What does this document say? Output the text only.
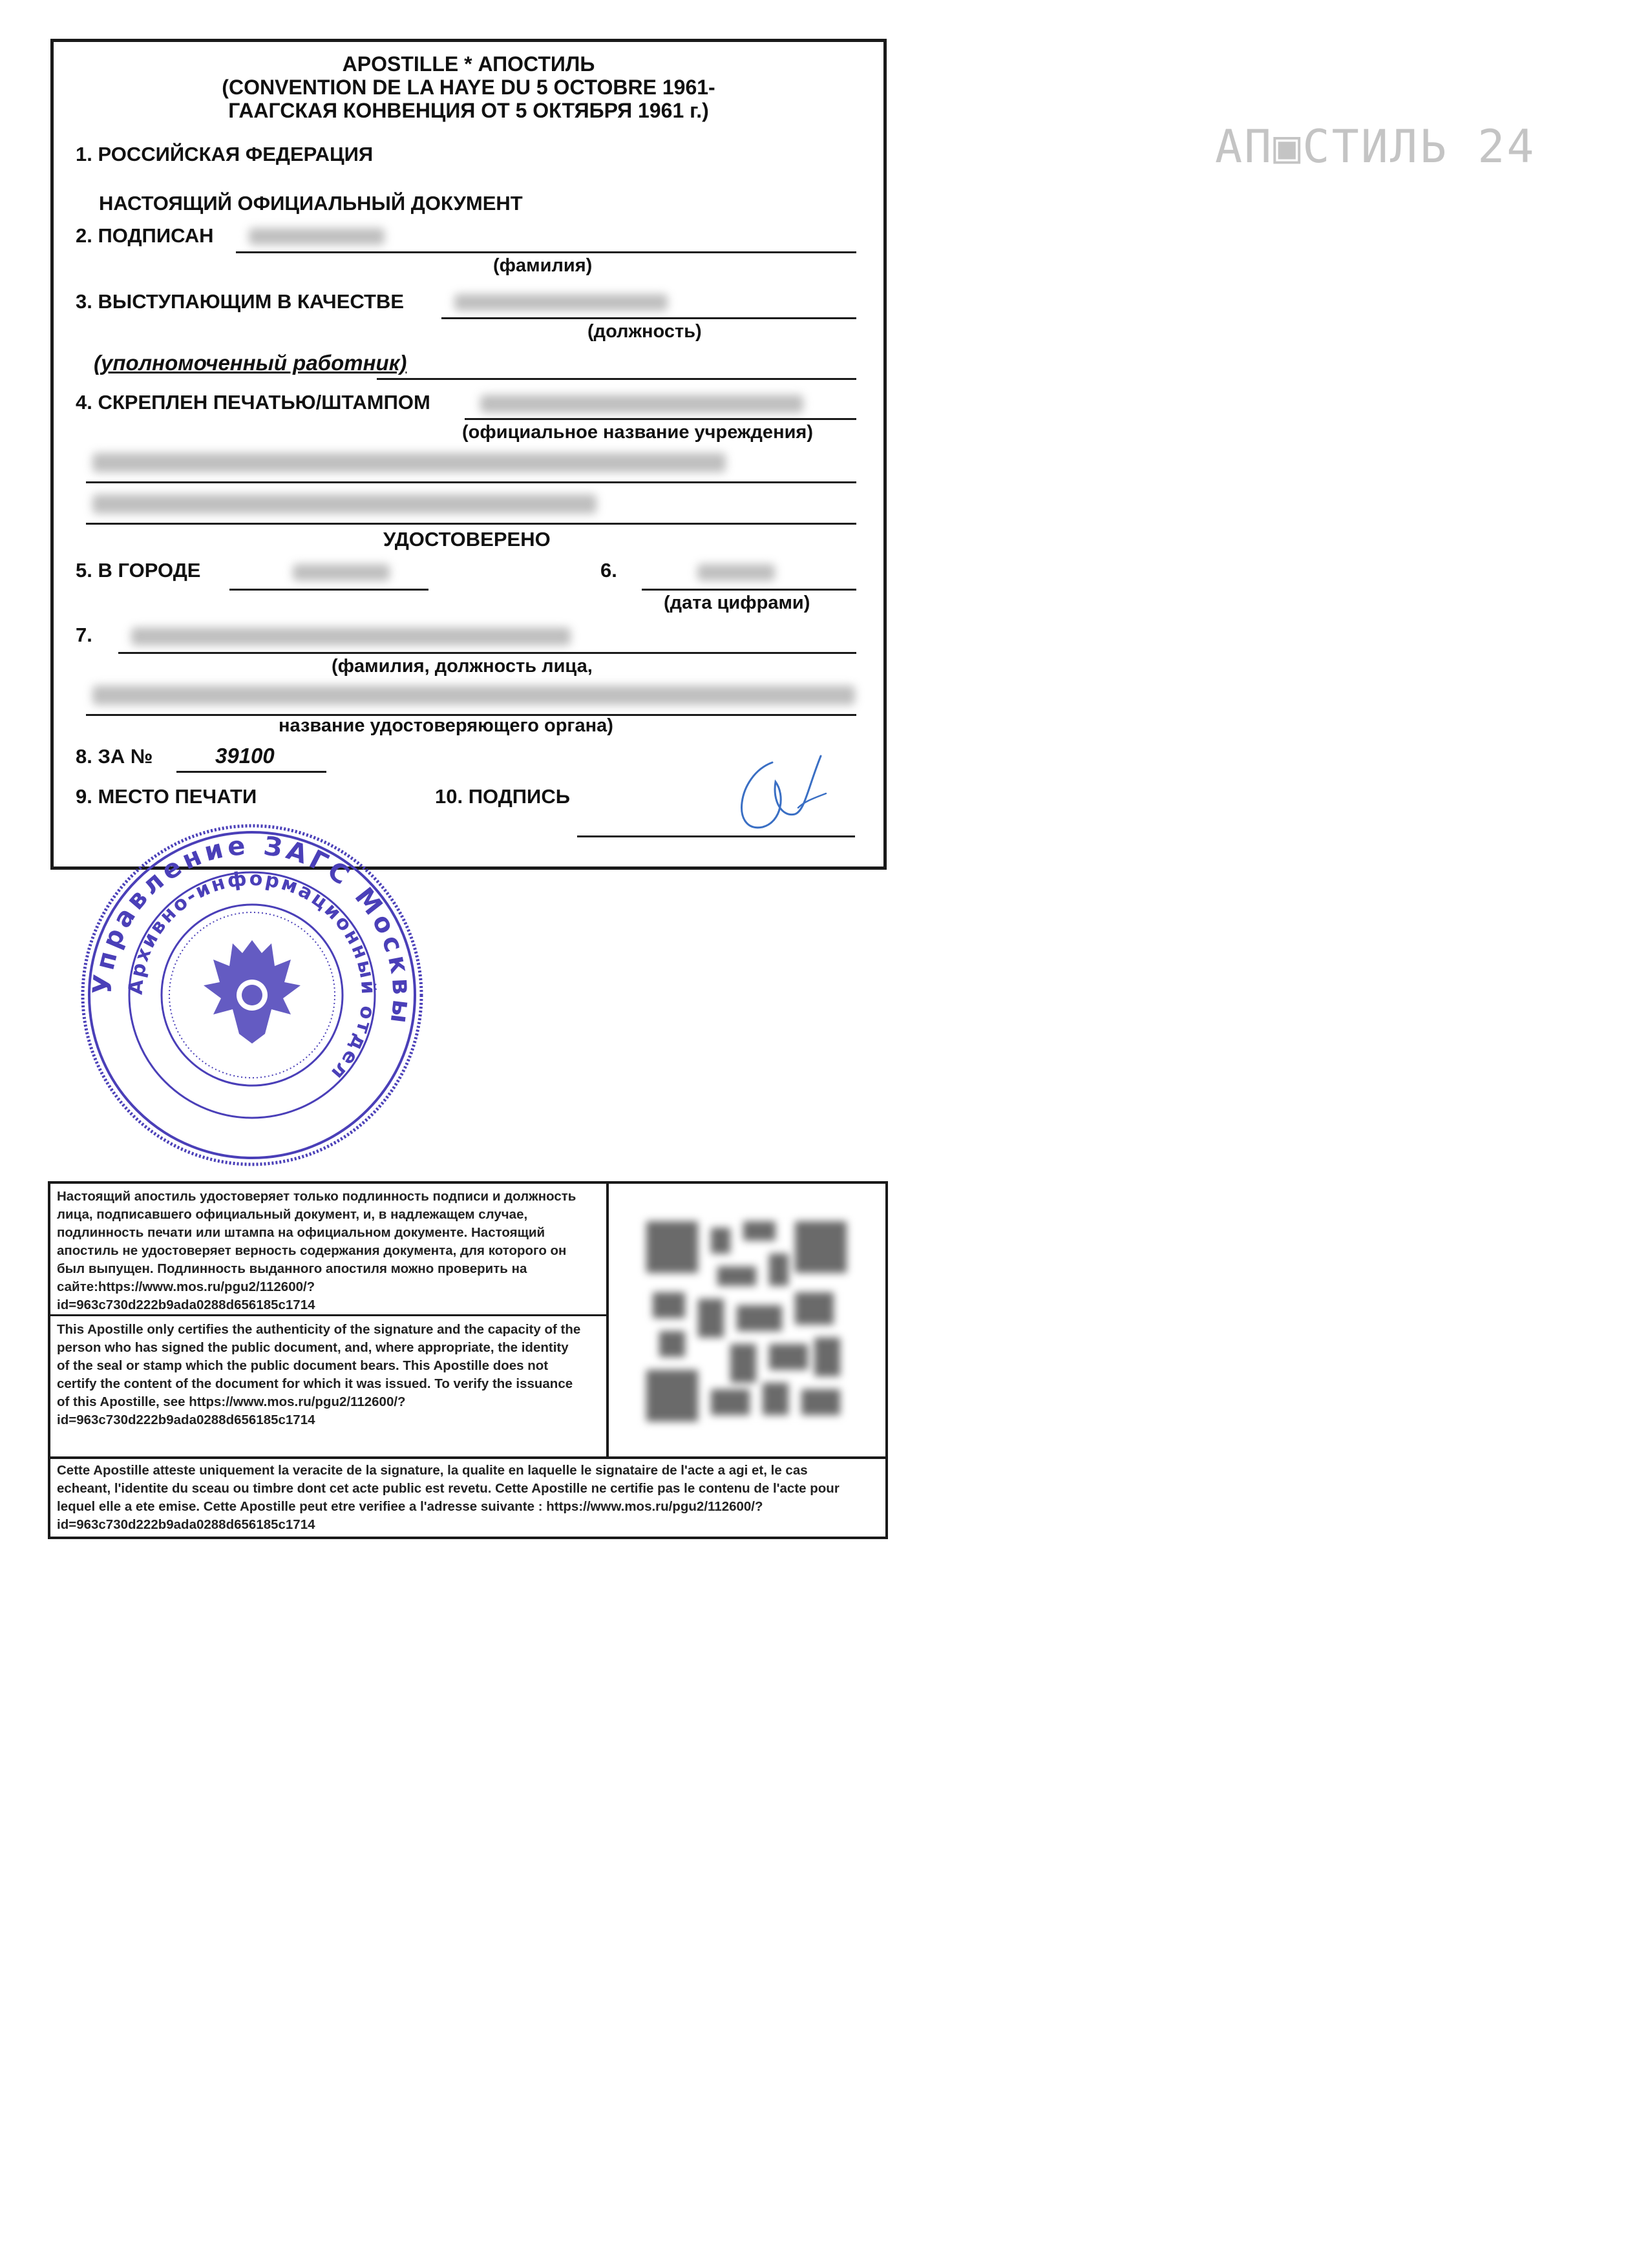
АП▣СТИЛЬ 24
APOSTILLE * АПОСТИЛЬ
(CONVENTION DE LA HAYE DU 5 OCTOBRE 1961-
ГААГСКАЯ КОНВЕНЦИЯ ОТ 5 ОКТЯБРЯ 1961 г.)
1. РОССИЙСКАЯ ФЕДЕРАЦИЯ
НАСТОЯЩИЙ ОФИЦИАЛЬНЫЙ ДОКУМЕНТ
2. ПОДПИСАН
(фамилия)
3. ВЫСТУПАЮЩИМ В КАЧЕСТВЕ
(должность)
(уполномоченный работник)
4. СКРЕПЛЕН ПЕЧАТЬЮ/ШТАМПОМ
(официальное название учреждения)
УДОСТОВЕРЕНО
5. В ГОРОДЕ	6.
(дата цифрами)
7.
(фамилия, должность лица,
название удостоверяющего органа)
8. ЗА №	39100
9. МЕСТО ПЕЧАТИ	10. ПОДПИСЬ
Управление ЗАГС Москвы
Архивно-информационный отдел
Настоящий апостиль удостоверяет только подлинность подписи и должность
лица, подписавшего официальный документ, и, в надлежащем случае,
подлинность печати или штампа на официальном документе. Настоящий
апостиль не удостоверяет верность содержания документа, для которого он
был выпущен. Подлинность выданного апостиля можно проверить на
сайте:https://www.mos.ru/pgu2/112600/?
id=963c730d222b9ada0288d656185c1714
This Apostille only certifies the authenticity of the signature and the capacity of the
person who has signed the public document, and, where appropriate, the identity
of the seal or stamp which the public document bears. This Apostille does not
certify the content of the document for which it was issued. To verify the issuance
of this Apostille, see https://www.mos.ru/pgu2/112600/?
id=963c730d222b9ada0288d656185c1714
Cette Apostille atteste uniquement la veracite de la signature, la qualite en laquelle le signataire de l'acte a agi et, le cas
echeant, l'identite du sceau ou timbre dont cet acte public est revetu. Cette Apostille ne certifie pas le contenu de l'acte pour
lequel elle a ete emise. Cette Apostille peut etre verifiee a l'adresse suivante : https://www.mos.ru/pgu2/112600/?
id=963c730d222b9ada0288d656185c1714
